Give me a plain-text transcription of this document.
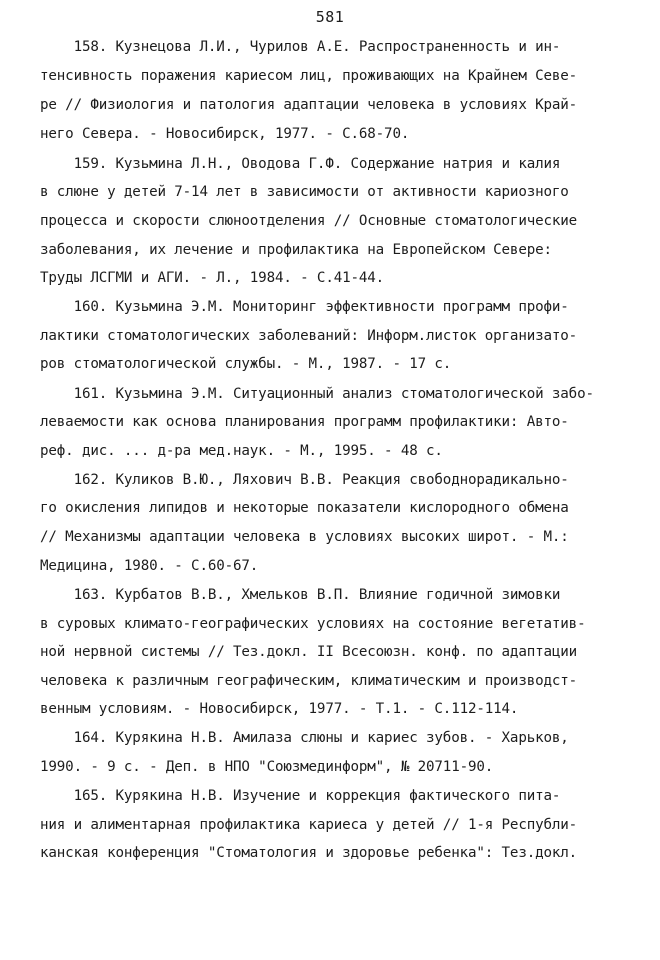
581
158. Кузнецова Л.И., Чурилов А.Е. Распространенность и ин-
тенсивность поражения кариесом лиц, проживающих на Крайнем Севе-
ре // Физиология и патология адаптации человека в условиях Край-
него Севера. - Новосибирск, 1977. - С.68-70.
159. Кузьмина Л.Н., Оводова Г.Ф. Содержание натрия и калия
в слюне у детей 7-14 лет в зависимости от активности кариозного
процесса и скорости слюноотделения // Основные стоматологические
заболевания, их лечение и профилактика на Европейском Севере:
Труды ЛСГМИ и АГИ. - Л., 1984. - С.41-44.
160. Кузьмина Э.М. Мониторинг эффективности программ профи-
лактики стоматологических заболеваний: Информ.листок организато-
ров стоматологической службы. - М., 1987. - 17 с.
161. Кузьмина Э.М. Ситуационный анализ стоматологической забо-
леваемости как основа планирования программ профилактики: Авто-
реф. дис. ... д-ра мед.наук. - М., 1995. - 48 с.
162. Куликов В.Ю., Ляхович В.В. Реакция свободнорадикально-
го окисления липидов и некоторые показатели кислородного обмена
// Механизмы адаптации человека в условиях высоких широт. - М.:
Медицина, 1980. - С.60-67.
163. Курбатов В.В., Хмельков В.П. Влияние годичной зимовки
в суровых климато-географических условиях на состояние вегетатив-
ной нервной системы // Тез.докл. II Всесоюзн. конф. по адаптации
человека к различным географическим, климатическим и производст-
венным условиям. - Новосибирск, 1977. - Т.1. - С.112-114.
164. Курякина Н.В. Амилаза слюны и кариес зубов. - Харьков,
1990. - 9 с. - Деп. в НПО "Союзмединформ", № 20711-90.
165. Курякина Н.В. Изучение и коррекция фактического пита-
ния и алиментарная профилактика кариеса у детей // 1-я Республи-
канская конференция "Стоматология и здоровье ребенка": Тез.докл.
